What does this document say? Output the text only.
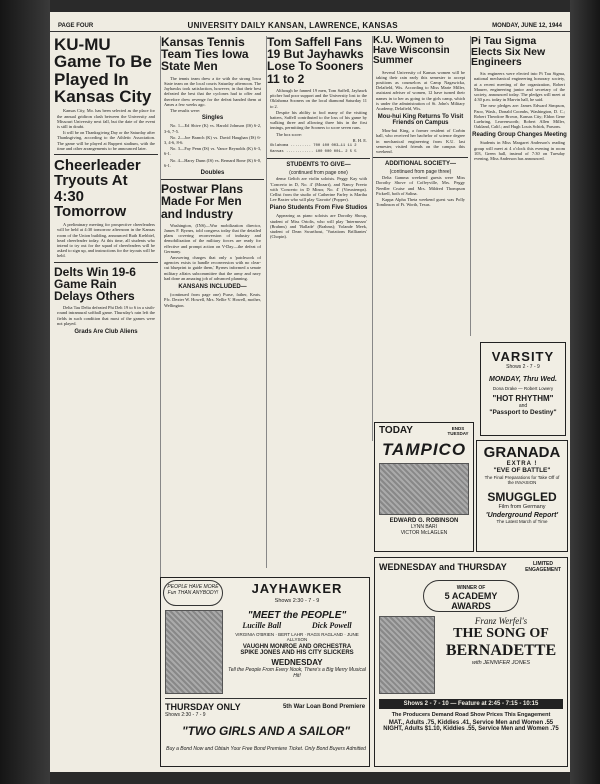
PAGE FOUR	UNIVERSITY DAILY KANSAN, LAWRENCE, KANSAS	MONDAY, JUNE 12, 1944
KU-MU Game To Be Played In Kansas City

Kansas City, Mo. has been selected as the place for the annual gridiron clash between the University and Missouri University next fall, but the date of the event is still in doubt.

It will be on Thanksgiving Day or the Saturday after Thanksgiving, according to the Athletic Association. The game will be played at Ruppert stadium, with the time and other arrangements to be announced later.

Cheerleader Tryouts At 4:30 Tomorrow

A preliminary meeting for prospective cheerleaders will be held at 4:30 tomorrow afternoon in the Kansas room of the Union building, announced Ruth Krehbiel, head cheerleader today. At this time, all students who intend to try out for the squad of cheerleaders will be asked to sign up, and instructions for the tryouts will be held.

Delts Win 19-6 Game Rain Delays Others

Delta Tau Delta defeated Phi Delt 19 to 6 in a sixth-round intramural softball game. Thursday's rain left the fields in such condition that most of the games were not played.

Grads Are Club Aliens
Kansas Tennis Team Ties Iowa State Men

The tennis team drew a tie with the strong Iowa State team on the local courts Saturday afternoon. The Jayhawks took satisfaction, however, in that their best defeated the best that the cyclones had to offer and therefore drew revenge for the defeat handed them at Ames a few weeks ago.

The results were:

Singles

No. 1—Ed Shive (K) vs. Harold Johnson (IS) 6-2, 3-6, 7-5.

No. 2—Joe Branch (K) vs. David Haughan (IS) 6-3, 4-6, 8-6.

No. 3—Fay Penn (IS) vs. Vance Reynolds (K) 6-3, 6-1.

No. 4—Harry Dunn (IS) vs. Bernard Bone (K) 6-0, 6-1.

Doubles
Postwar Plans Made For Men and Industry

Washington, (INS)—War mobilization director, James F. Byrnes, told congress today that the detailed plans covering reconversion of industry and demobilization of the military forces are ready for effective and prompt action on V-Day—the defeat of Germany.

Answering charges that only a 'patchwork of agencies exists to handle reconversion with no clear-cut blueprint to guide them,' Byrnes informed a senate military affairs subcommittee that the army and navy had done an amazing job of advanced planning.

KANSANS INCLUDED—

(continued from page one) Purse, father, Keats. Pfc. Dexter W. Howell, Mrs. Nellie V. Howell, mother, Wellington.

Tom Saffell Fans 19 But Jayhawks Lose To Sooners 11 to 2

Although he fanned 19 men, Tom Saffell, Jayhawk pitcher had poor support and the University lost to the Oklahoma Sooners on the local diamond Saturday 11 to 2.

Despite his ability to fool many of the visiting batters, Saffell contributed to the loss of his game by walking three and allowing three hits in the first innings, permitting the Sooners to score seven runs.

The box score:

R. H. E.

Oklahoma ......... 700 100 003—11 11 2

Kansas ............ 100 000 001— 2 5 5

STUDENTS TO GIVE—
(continued from page one)

denur Geltch are violin soloists. Peggy Kay with 'Concerto in D, No. 4' (Mozart), and Nancy Freeto with 'Concerto in D Minor, No. 4' (Vieuxtemps). Cellist from the studio of Catherine Farley is Martha Lee Baxter who will play 'Gavotte' (Popper).

Piano Students From Five Studios

Appearing as piano soloists are Dorothy Shoup, student of Miss Ortolis, who will play 'Intermezzo' (Brahms) and 'Ballade' (Brahms); Yolande Meek, student of Dean Swarthout, 'Variations Brilliantes' (Chopin).

K.U. Women to Have Wisconsin Summer

Several University of Kansas women will be taking their rain early this semester to accept positions as counselors at Camp Nagawicka, Delafield, Wis. According to Miss Marie Miller, assistant adviser of women, 12 have turned their names in to her as going to the girls camp, which is under the administration of St. John's Military Academy, Delafield, Wis.

Mou-hui King Returns To Visit Friends on Campus

Mou-hui King, a former resident of Corbin hall, who received her bachelor of science degree in mechanical engineering from K.U. last semester, visited friends on the campus this weekend.

ADDITIONAL SOCIETY—
(continued from page three)

Delta Gamma weekend guests were Miss Dorothy Shove of Coffeyville, Mrs. Peggy Needler Cruise and Mrs. Mildred Thompson Pickrell, both of Salina.

Kappa Alpha Theta weekend guest was Polly Tomlinson of Ft. Worth, Texas.

Pi Tau Sigma Elects Six New Engineers

Six engineers were elected into Pi Tau Sigma, national mechanical engineering honorary society, at a recent meeting of the organization, Robert Maurer, engineering junior and secretary of the society, announced today. The pledges will meet at 4:30 p.m. today in Marvin hall, he said.

The new pledges are: James Edward Simpson, Paoo, Wash., Donald Coombs, Washington, D. C.; Robert Theodore Brown, Kansas City; Eldon Gene Luehring, Leavenworth; Robert Allen Miller, Oakland, Calif.; and Hugh Louis Schirk, Parsons.

Reading Group Changes Meeting

Students in Miss Margaret Anderson's reading group will meet at 4 o'clock this evening in room 103, Green hall, instead of 7:30 on Tuesday evening, Miss Anderson has announced.

VARSITY
Shows 2 - 7 - 9
MONDAY, Thru Wed.
Dona Drake — Robert Lowery
"HOT RHYTHM"
and
"Passport to Destiny"
TODAY	ENDS TUESDAY
TAMPICO
EDWARD G. ROBINSON
LYNN BARI
VICTOR McLAGLEN
GRANADA
EXTRA !
"EVE OF BATTLE"
The Final Preparations for Take Off of the INVASION
SMUGGLED
Film from Germany
'Underground Report'
The Latest March of Time
PEOPLE HAVE MORE Fun THAN ANYBODY!	JAYHAWKER
Shows 2:30 - 7 - 9
"MEET the PEOPLE"
Lucille Ball	Dick Powell
VIRGINIA O'BRIEN · BERT LAHR · RAGS RAGLAND · JUNE ALLYSON
VAUGHN MONROE AND ORCHESTRA
SPIKE JONES AND HIS CITY SLICKERS
WEDNESDAY
Tell the People From Every Nook, There's a Big Merry Musical Hit!
THURSDAY ONLY
Shows 2:30 - 7 - 9
5th War Loan Bond Premiere
"TWO GIRLS AND A SAILOR"
Buy a Bond Now and Obtain Your Free Bond Premiere Ticket. Only Bond Buyers Admitted
WEDNESDAY and THURSDAY	LIMITED ENGAGEMENT
WINNER OF
5 ACADEMY AWARDS
Franz Werfel's
THE SONG OF
BERNADETTE
with JENNIFER JONES
Shows 2 - 7 - 10 — Feature at 2:45 - 7:15 - 10:15
The Producers Demand Road Show Prices This Engagement
MAT., Adults .75, Kiddies .41, Service Men and Women .55
NIGHT, Adults $1.10, Kiddies .55, Service Men and Women .75
